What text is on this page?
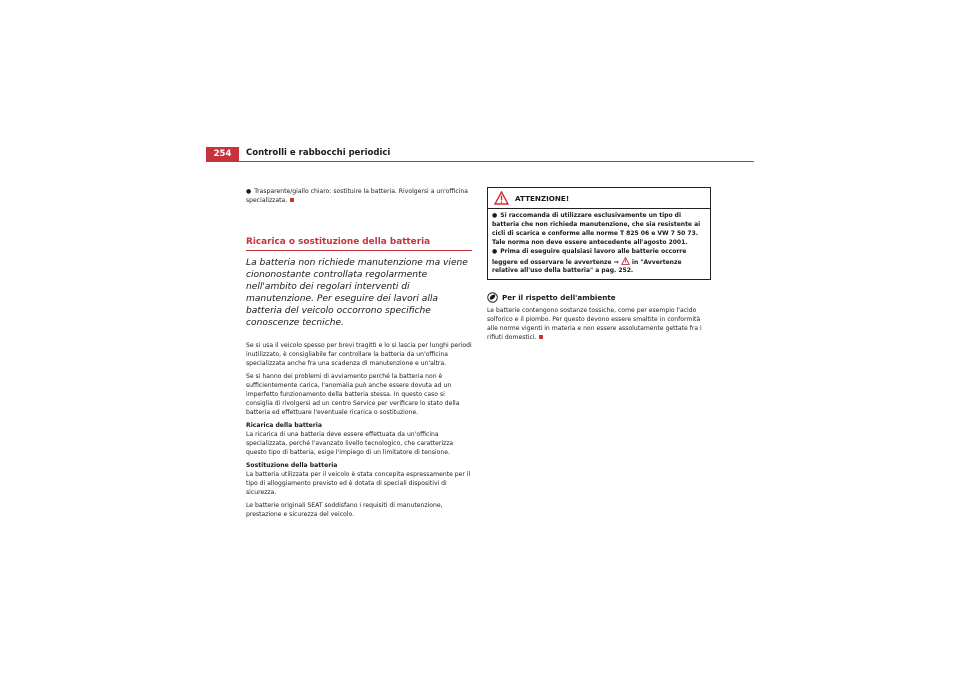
254	Controlli e rabbocchi periodici

● Trasparente/giallo chiaro: sostituire la batteria. Rivolgersi a un'officina specializzata.

Ricarica o sostituzione della batteria
La batteria non richiede manutenzione ma viene ciononostante controllata regolarmente nell'ambito dei regolari interventi di manutenzione. Per eseguire dei lavori alla batteria del veicolo occorrono specifiche conoscenze tecniche.

Se si usa il veicolo spesso per brevi tragitti e lo si lascia per lunghi periodi inutilizzato, è consigliabile far controllare la batteria da un'officina specializzata anche fra una scadenza di manutenzione e un'altra.

Se si hanno dei problemi di avviamento perché la batteria non è sufficientemente carica, l'anomalia può anche essere dovuta ad un imperfetto funzionamento della batteria stessa. In questo caso si consiglia di rivolgersi ad un centro Service per verificare lo stato della batteria ed effettuare l'eventuale ricarica o sostituzione.

Ricarica della batteria

La ricarica di una batteria deve essere effettuata da un'officina specializzata, perché l'avanzato livello tecnologico, che caratterizza questo tipo di batteria, esige l'impiego di un limitatore di tensione.

Sostituzione della batteria

La batteria utilizzata per il veicolo è stata concepita espressamente per il tipo di alloggiamento previsto ed è dotata di speciali dispositivi di sicurezza.

Le batterie originali SEAT soddisfano i requisiti di manutenzione, prestazione e sicurezza del veicolo.

ATTENZIONE!

● Si raccomanda di utilizzare esclusivamente un tipo di batteria che non richieda manutenzione, che sia resistente ai cicli di scarica e conforme alle norme T 825 06 e VW 7 50 73. Tale norma non deve essere antecedente all'agosto 2001.

● Prima di eseguire qualsiasi lavoro alle batterie occorre leggere ed osservare le avvertenze ⇒ in "Avvertenze relative all'uso della batteria" a pag. 252.

Per il rispetto dell'ambiente

Le batterie contengono sostanze tossiche, come per esempio l'acido solforico e il piombo. Per questo devono essere smaltite in conformità alle norme vigenti in materia e non essere assolutamente gettate fra i rifiuti domestici.
